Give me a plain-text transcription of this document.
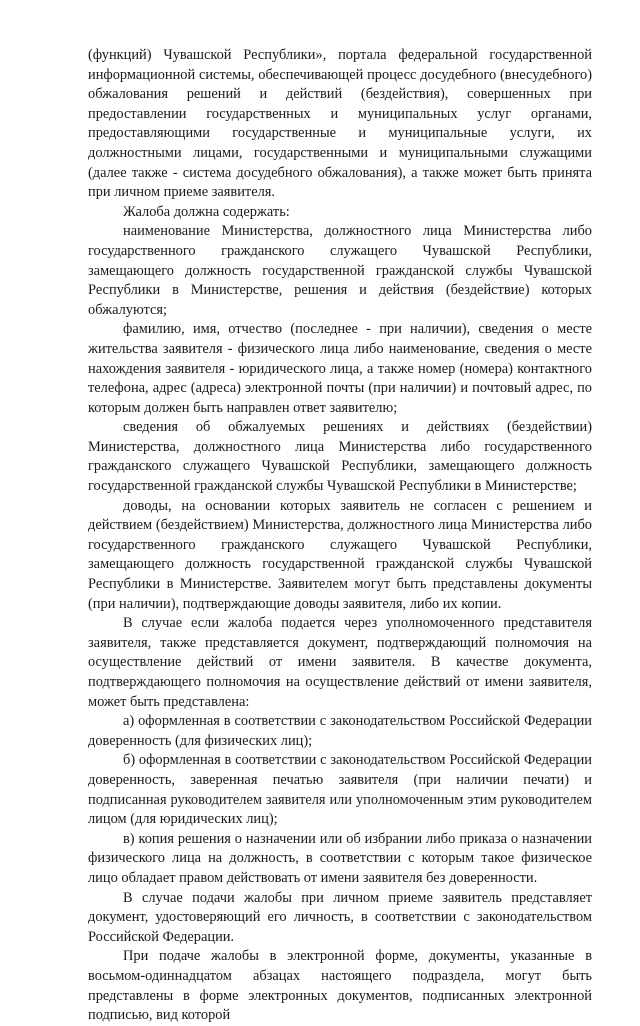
(функций) Чувашской Республики», портала федеральной государственной информационной системы, обеспечивающей процесс досудебного (внесудебного) обжалования решений и действий (бездействия), совершенных при предоставлении государственных и муниципальных услуг органами, предоставляющими государственные и муниципальные услуги, их должностными лицами, государственными и муниципальными служащими (далее также - система досудебного обжалования), а также может быть принята при личном приеме заявителя.

Жалоба должна содержать:

наименование Министерства, должностного лица Министерства либо государственного гражданского служащего Чувашской Республики, замещающего должность государственной гражданской службы Чувашской Республики в Министерстве, решения и действия (бездействие) которых обжалуются;

фамилию, имя, отчество (последнее - при наличии), сведения о месте жительства заявителя - физического лица либо наименование, сведения о месте нахождения заявителя - юридического лица, а также номер (номера) контактного телефона, адрес (адреса) электронной почты (при наличии) и почтовый адрес, по которым должен быть направлен ответ заявителю;

сведения об обжалуемых решениях и действиях (бездействии) Министерства, должностного лица Министерства либо государственного гражданского служащего Чувашской Республики, замещающего должность государственной гражданской службы Чувашской Республики в Министерстве;

доводы, на основании которых заявитель не согласен с решением и действием (бездействием) Министерства, должностного лица Министерства либо государственного гражданского служащего Чувашской Республики, замещающего должность государственной гражданской службы Чувашской Республики в Министерстве. Заявителем могут быть представлены документы (при наличии), подтверждающие доводы заявителя, либо их копии.

В случае если жалоба подается через уполномоченного представителя заявителя, также представляется документ, подтверждающий полномочия на осуществление действий от имени заявителя. В качестве документа, подтверждающего полномочия на осуществление действий от имени заявителя, может быть представлена:

а) оформленная в соответствии с законодательством Российской Федерации доверенность (для физических лиц);

б) оформленная в соответствии с законодательством Российской Федерации доверенность, заверенная печатью заявителя (при наличии печати) и подписанная руководителем заявителя или уполномоченным этим руководителем лицом (для юридических лиц);

в) копия решения о назначении или об избрании либо приказа о назначении физического лица на должность, в соответствии с которым такое физическое лицо обладает правом действовать от имени заявителя без доверенности.

В случае подачи жалобы при личном приеме заявитель представляет документ, удостоверяющий его личность, в соответствии с законодательством Российской Федерации.

При подаче жалобы в электронной форме, документы, указанные в восьмом-одиннадцатом абзацах настоящего подраздела, могут быть представлены в форме электронных документов, подписанных электронной подписью, вид которой
